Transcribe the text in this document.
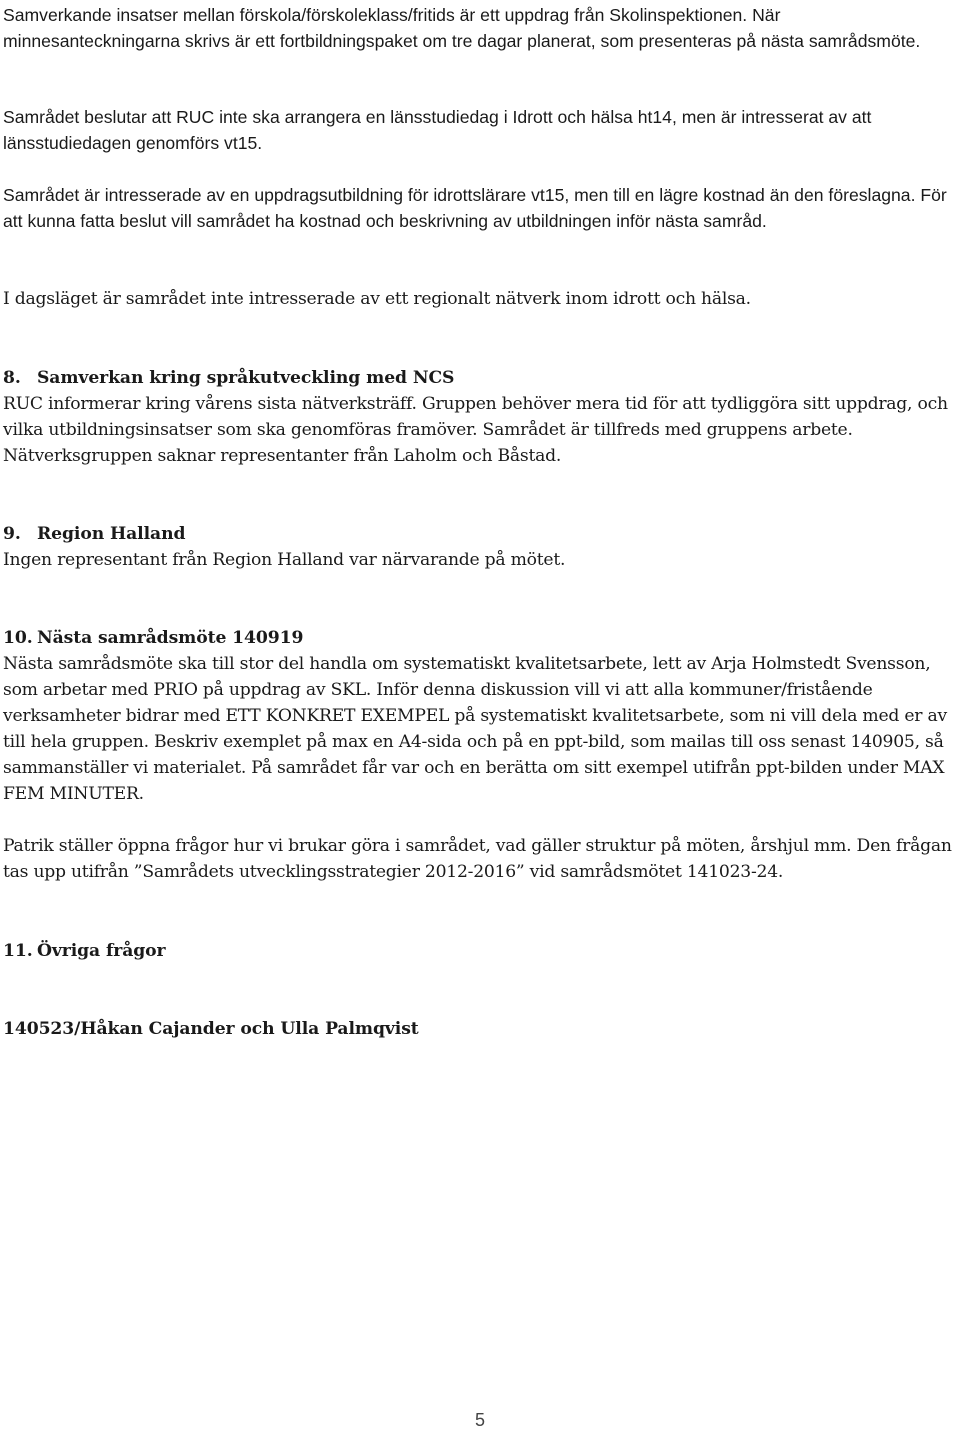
Samverkande insatser mellan förskola/förskoleklass/fritids är ett uppdrag från Skolinspektionen. När minnesanteckningarna skrivs är ett fortbildningspaket om tre dagar planerat, som presenteras på nästa samrådsmöte.

Samrådet beslutar att RUC inte ska arrangera en länsstudiedag i Idrott och hälsa ht14, men är intresserat av att länsstudiedagen genomförs vt15.

Samrådet är intresserade av en uppdragsutbildning för idrottslärare vt15, men till en lägre kostnad än den föreslagna. För att kunna fatta beslut vill samrådet ha kostnad och beskrivning av utbildningen inför nästa samråd.

I dagsläget är samrådet inte intresserade av ett regionalt nätverk inom idrott och hälsa.

8. Samverkan kring språkutveckling med NCS

RUC informerar kring vårens sista nätverksträff. Gruppen behöver mera tid för att tydliggöra sitt uppdrag, och vilka utbildningsinsatser som ska genomföras framöver. Samrådet är tillfreds med gruppens arbete. Nätverksgruppen saknar representanter från Laholm och Båstad.

9. Region Halland

Ingen representant från Region Halland var närvarande på mötet.

10. Nästa samrådsmöte 140919

Nästa samrådsmöte ska till stor del handla om systematiskt kvalitetsarbete, lett av Arja Holmstedt Svensson, som arbetar med PRIO på uppdrag av SKL. Inför denna diskussion vill vi att alla kommuner/fristående verksamheter bidrar med ETT KONKRET EXEMPEL på systematiskt kvalitetsarbete, som ni vill dela med er av till hela gruppen. Beskriv exemplet på max en A4-sida och på en ppt-bild, som mailas till oss senast 140905, så sammanställer vi materialet. På samrådet får var och en berätta om sitt exempel utifrån ppt-bilden under MAX FEM MINUTER.

Patrik ställer öppna frågor hur vi brukar göra i samrådet, vad gäller struktur på möten, årshjul mm. Den frågan tas upp utifrån ”Samrådets utvecklingsstrategier 2012-2016” vid samrådsmötet 141023-24.

11. Övriga frågor

140523/Håkan Cajander och Ulla Palmqvist

5
